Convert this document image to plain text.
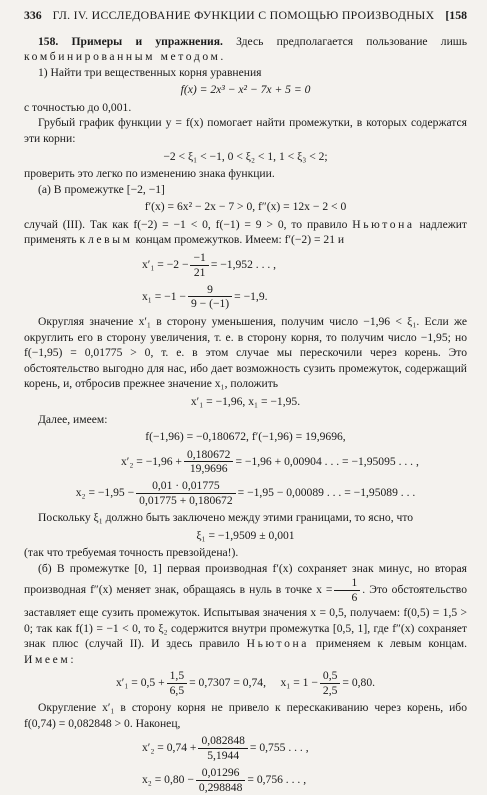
336 ГЛ. IV. ИССЛЕДОВАНИЕ ФУНКЦИИ С ПОМОЩЬЮ ПРОИЗВОДНЫХ [158

158. Примеры и упражнения. Здесь предполагается пользование лишь комбинированным методом.

1) Найти три вещественных корня уравнения

f(x) = 2x³ − x² − 7x + 5 = 0

с точностью до 0,001.

Грубый график функции y = f(x) помогает найти промежутки, в которых содержатся эти корни:

−2 < ξ₁ < −1, 0 < ξ₂ < 1, 1 < ξ₃ < 2;

проверить это легко по изменению знака функции.

(а) В промежутке [−2, −1]

f′(x) = 6x² − 2x − 7 > 0, f″(x) = 12x − 2 < 0

случай (III). Так как f(−2) = −1 < 0, f(−1) = 9 > 0, то правило Ньютона надлежит применять к левым концам промежутков. Имеем: f′(−2) = 21 и

$x'_1 = -2 - \frac{-1}{21} = -1,952$ . . . ,

$x_1 = -1 - \frac{9}{9 - (-1)} = -1,9$.

Округляя значение x′₁ в сторону уменьшения, получим число −1,96 < ξ₁. Если же округлить его в сторону увеличения, т. е. в сторону корня, то получим число −1,95; но f(−1,95) = 0,01775 > 0, т. е. в этом случае мы перескочили через корень. Это обстоятельство выгодно для нас, ибо дает возможность сузить промежуток, содержащий корень, и, отбросив прежнее значение x₁, положить

x′₁ = −1,96, x₁ = −1,95.

Далее, имеем:

f(−1,96) = −0,180672, f′(−1,96) = 19,9696,

$x'_2 = -1,96 + \frac{0,180672}{19,9696} = -1,96 + 0,00904$ . . . = −1,95095 . . . ,

$x_2 = -1,95 - \frac{0,01 \cdot 0,01775}{0,01775 + 0,180672} = -1,95 - 0,00089$ . . . = −1,95089 . . .

Поскольку ξ₁ должно быть заключено между этими границами, то ясно, что

ξ₁ = −1,9509 ± 0,001

(так что требуемая точность превзойдена!).

(б) В промежутке [0, 1] первая производная f′(x) сохраняет знак минус, но вторая производная f″(x) меняет знак, обращаясь в нуль в точке $x = \frac{1}{6}$ . Это обстоятельство заставляет еще сузить промежуток. Испытывая значения x = 0,5, получаем: f(0,5) = 1,5 > 0; так как f(1) = −1 < 0, то ξ₂ содержится внутри промежутка [0,5, 1], где f″(x) сохраняет знак плюс (случай II). И здесь правило Ньютона применяем к левым концам. Имеем:

$x'_1 = 0,5 + \frac{1,5}{6,5} = 0,7307 = 0,74$, $x_1 = 1 - \frac{0,5}{2,5} = 0,80$.

Округление x′₁ в сторону корня не привело к перескакиванию через корень, ибо f(0,74) = 0,082848 > 0. Наконец,

$x'_2 = 0,74 + \frac{0,082848}{5,1944} = 0,755$ . . . ,

$x_2 = 0,80 - \frac{0,01296}{0,298848} = 0,756$ . . . ,
